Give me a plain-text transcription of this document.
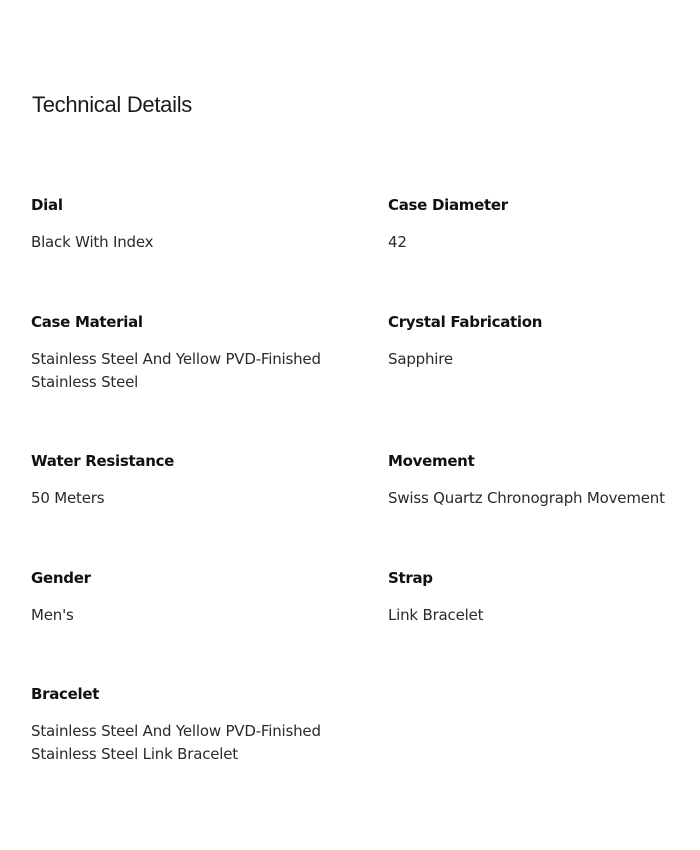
Technical Details
Dial
Black With Index
Case Diameter
42
Case Material
Stainless Steel And Yellow PVD-Finished Stainless Steel
Crystal Fabrication
Sapphire
Water Resistance
50 Meters
Movement
Swiss Quartz Chronograph Movement
Gender
Men's
Strap
Link Bracelet
Bracelet
Stainless Steel And Yellow PVD-Finished Stainless Steel Link Bracelet
